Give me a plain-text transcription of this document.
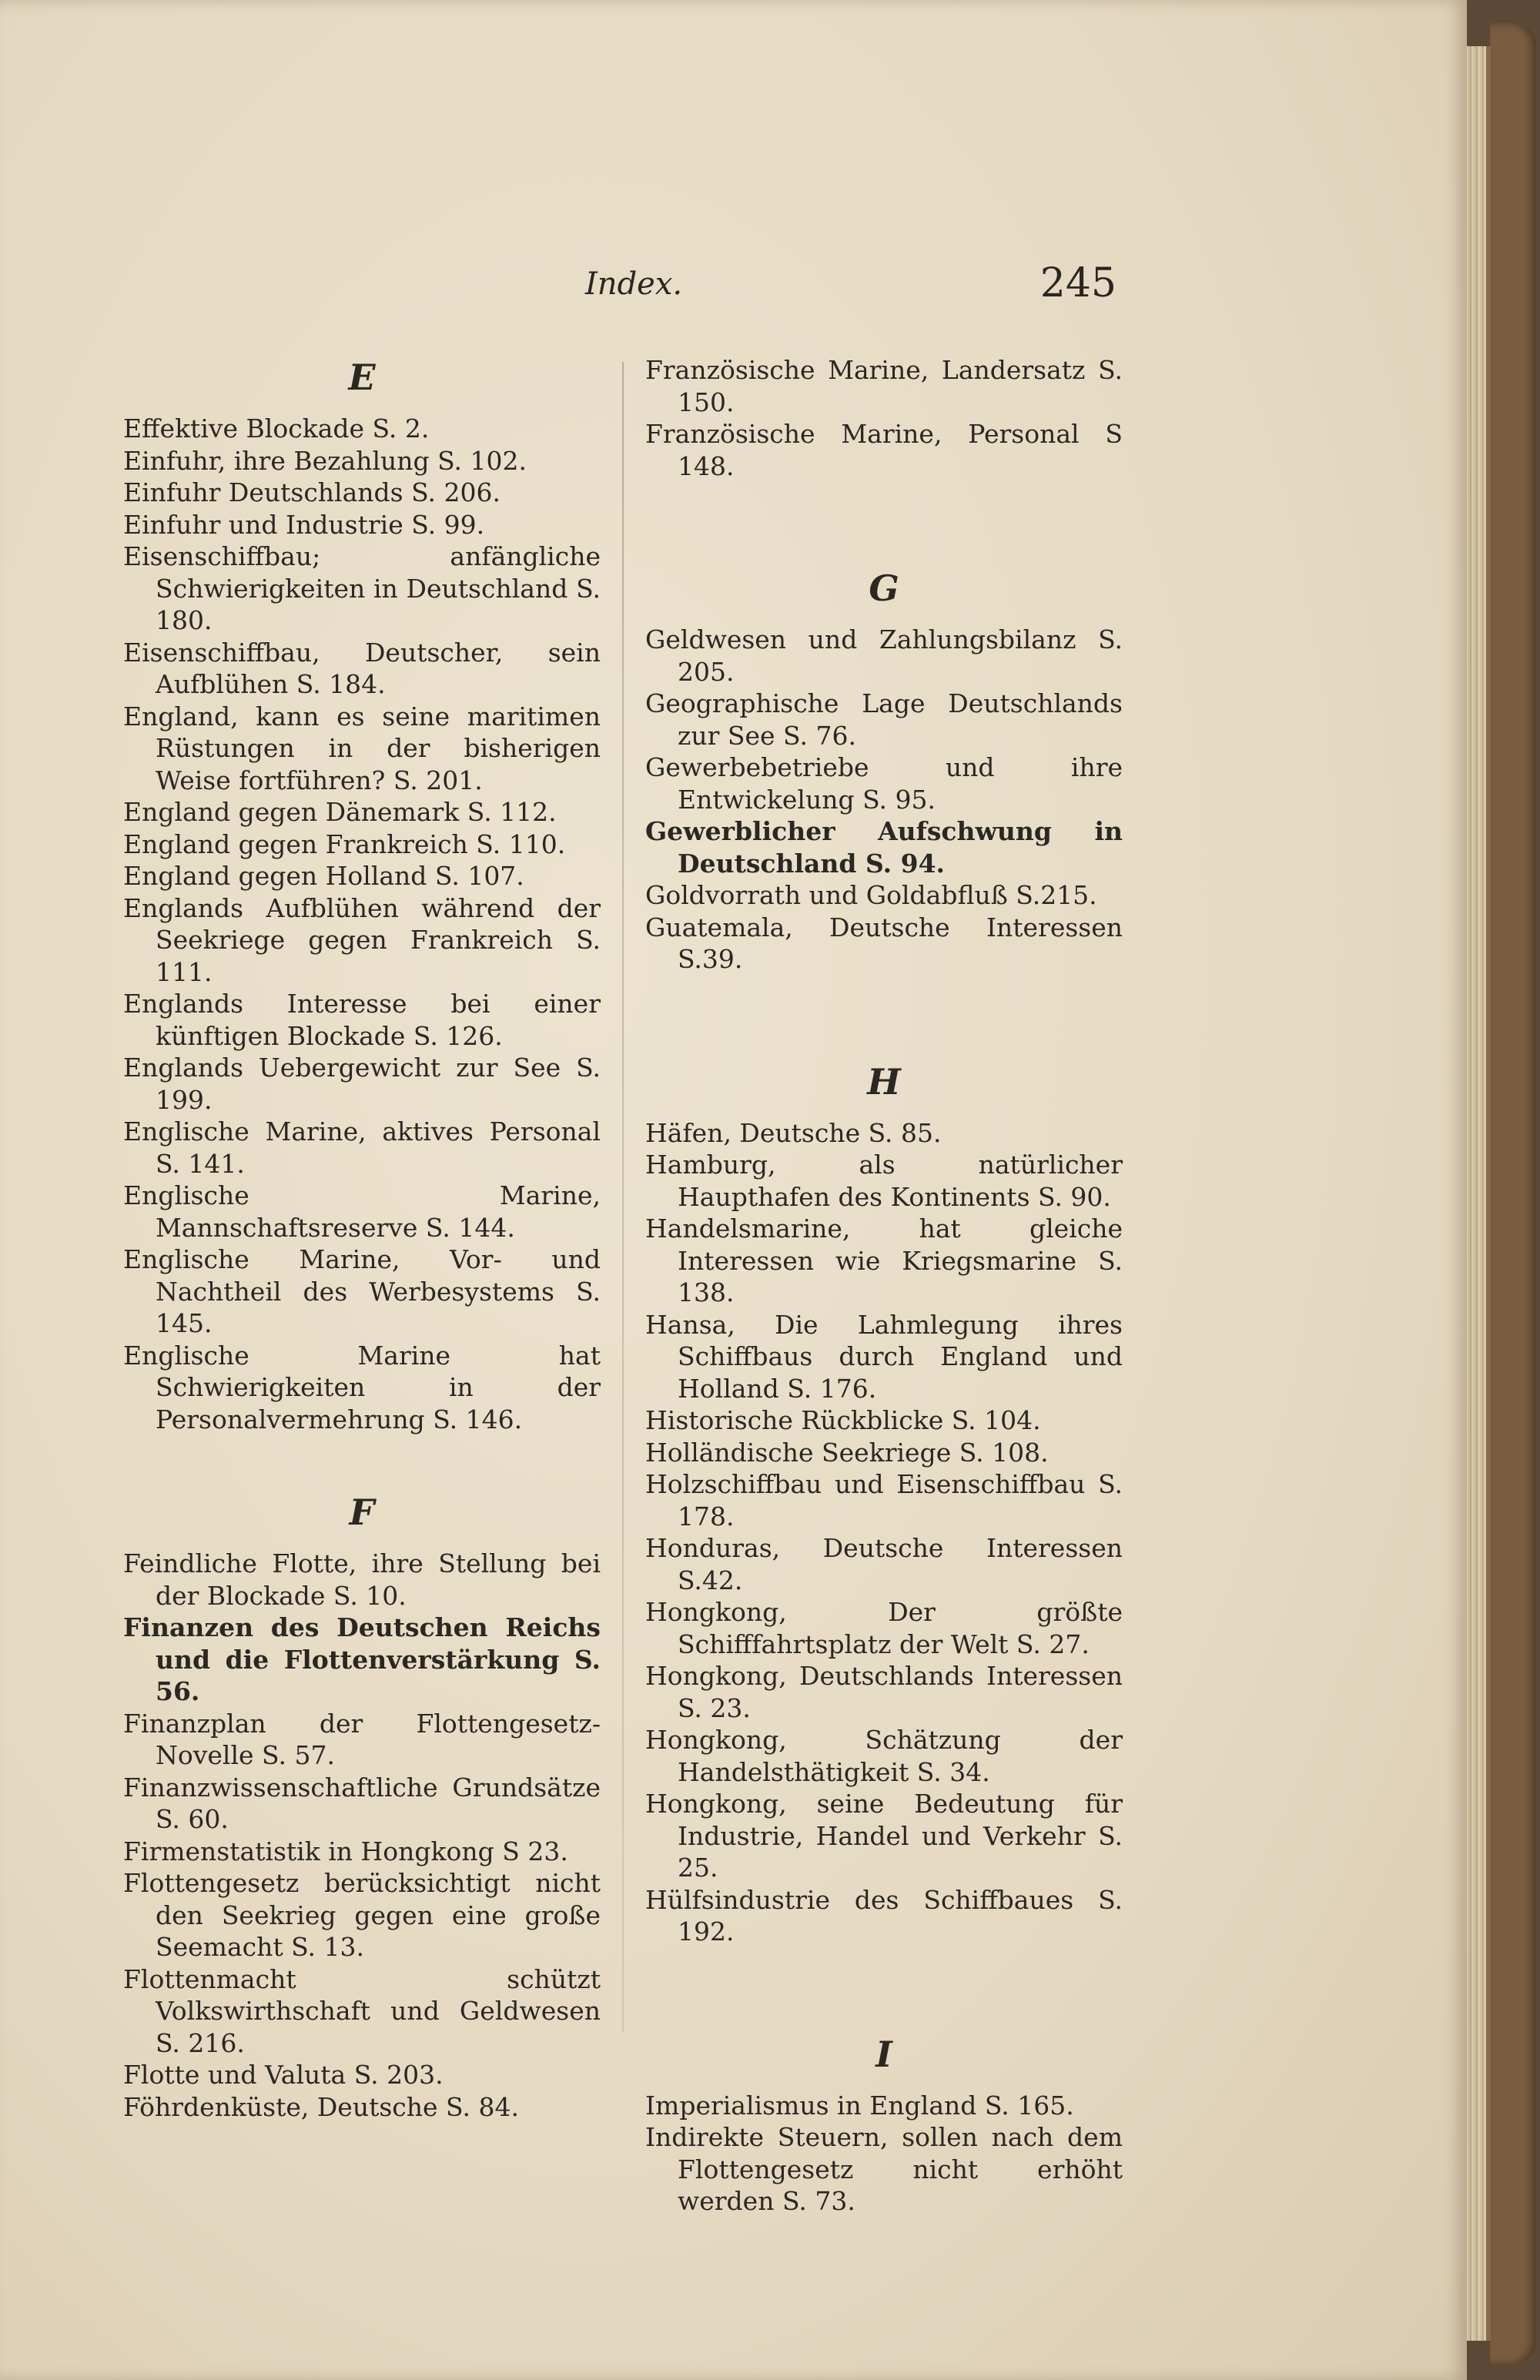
Index.	245
E

Effektive Blockade S. 2.

Einfuhr, ihre Bezahlung S. 102.

Einfuhr Deutschlands S. 206.

Einfuhr und Industrie S. 99.

Eisenschiffbau; anfängliche Schwierigkeiten in Deutschland S. 180.

Eisenschiffbau, Deutscher, sein Aufblühen S. 184.

England, kann es seine maritimen Rüstungen in der bisherigen Weise fortführen? S. 201.

England gegen Dänemark S. 112.

England gegen Frankreich S. 110.

England gegen Holland S. 107.

Englands Aufblühen während der Seekriege gegen Frankreich S. 111.

Englands Interesse bei einer künftigen Blockade S. 126.

Englands Uebergewicht zur See S. 199.

Englische Marine, aktives Personal S. 141.

Englische Marine, Mannschaftsreserve S. 144.

Englische Marine, Vor- und Nachtheil des Werbesystems S. 145.

Englische Marine hat Schwierigkeiten in der Personalvermehrung S. 146.

F

Feindliche Flotte, ihre Stellung bei der Blockade S. 10.

Finanzen des Deutschen Reichs und die Flottenverstärkung S. 56.

Finanzplan der Flottengesetz-Novelle S. 57.

Finanzwissenschaftliche Grundsätze S. 60.

Firmenstatistik in Hongkong S 23.

Flottengesetz berücksichtigt nicht den Seekrieg gegen eine große Seemacht S. 13.

Flottenmacht schützt Volkswirthschaft und Geldwesen S. 216.

Flotte und Valuta S. 203.

Föhrdenküste, Deutsche S. 84.

Französische Marine, Landersatz S. 150.

Französische Marine, Personal S 148.

G

Geldwesen und Zahlungsbilanz S. 205.

Geographische Lage Deutschlands zur See S. 76.

Gewerbebetriebe und ihre Entwickelung S. 95.

Gewerblicher Aufschwung in Deutschland S. 94.

Goldvorrath und Goldabfluß S.215.

Guatemala, Deutsche Interessen S.39.

H

Häfen, Deutsche S. 85.

Hamburg, als natürlicher Haupthafen des Kontinents S. 90.

Handelsmarine, hat gleiche Interessen wie Kriegsmarine S. 138.

Hansa, Die Lahmlegung ihres Schiffbaus durch England und Holland S. 176.

Historische Rückblicke S. 104.

Holländische Seekriege S. 108.

Holzschiffbau und Eisenschiffbau S. 178.

Honduras, Deutsche Interessen S.42.

Hongkong, Der größte Schifffahrtsplatz der Welt S. 27.

Hongkong, Deutschlands Interessen S. 23.

Hongkong, Schätzung der Handelsthätigkeit S. 34.

Hongkong, seine Bedeutung für Industrie, Handel und Verkehr S. 25.

Hülfsindustrie des Schiffbaues S. 192.

I

Imperialismus in England S. 165.

Indirekte Steuern, sollen nach dem Flottengesetz nicht erhöht werden S. 73.
